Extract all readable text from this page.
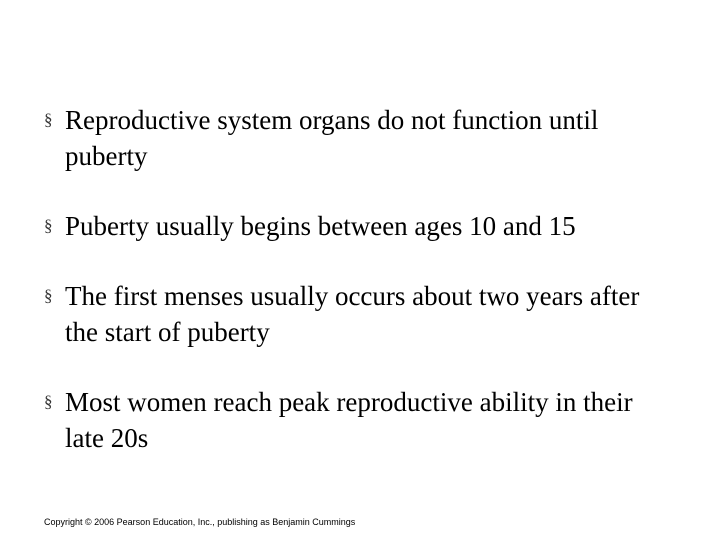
§ Reproductive system organs do not function until puberty
§ Puberty usually begins between ages 10 and 15
§ The first menses usually occurs about two years after the start of puberty
§ Most women reach peak reproductive ability in their late 20s
Copyright © 2006 Pearson Education, Inc., publishing as Benjamin Cummings
